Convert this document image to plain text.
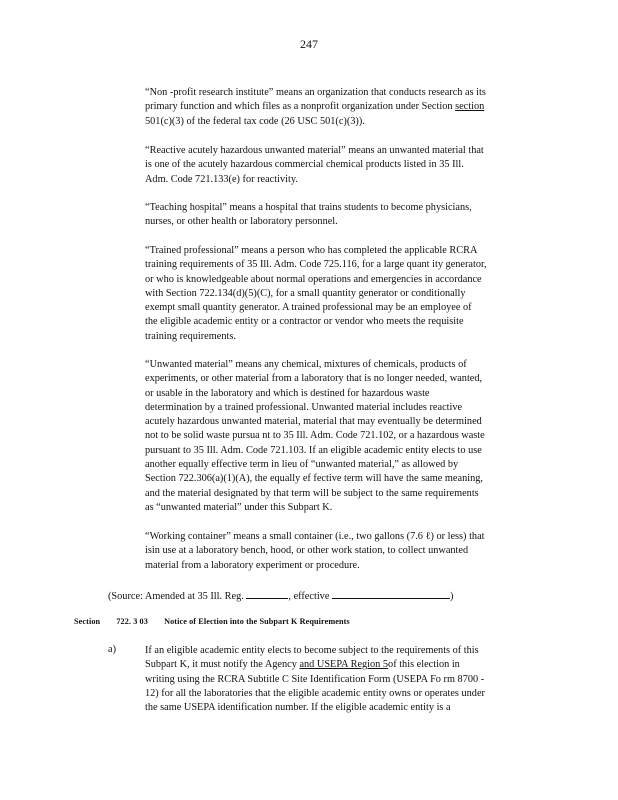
247
“Non -profit research institute” means an organization that conducts research as its
primary function and which files as a nonprofit organization under Section section
501(c)(3) of the federal tax code (26 USC 501(c)(3)).
“Reactive acutely hazardous unwanted material” means an unwanted material that
is one of the acutely hazardous commercial chemical products listed in 35 Ill.
Adm. Code 721.133(e) for reactivity.
“Teaching hospital” means a hospital that trains students to become physicians,
nurses, or other health or laboratory personnel.
“Trained professional” means a person who has completed the applicable RCRA
training requirements of 35 Ill. Adm. Code 725.116, for a large quant ity generator,
or who is knowledgeable about normal operations and emergencies in accordance
with Section 722.134(d)(5)(C), for a small quantity generator or conditionally
exempt small quantity generator. A trained professional may be an employee of
the eligible academic entity or a contractor or vendor who meets the requisite
training requirements.
“Unwanted material” means any chemical, mixtures of chemicals, products of
experiments, or other material from a laboratory that is no longer needed, wanted,
or usable in the laboratory and which is destined for hazardous waste
determination by a trained professional. Unwanted material includes reactive
acutely hazardous unwanted material, material that may eventually be determined
not to be solid waste pursua nt to 35 Ill. Adm. Code 721.102, or a hazardous waste
pursuant to 35 Ill. Adm. Code 721.103. If an eligible academic entity elects to use
another equally effective term in lieu of “unwanted material,” as allowed by
Section 722.306(a)(1)(A), the equally ef fective term will have the same meaning,
and the material designated by that term will be subject to the same requirements
as “unwanted material” under this Subpart K.
“Working container” means a small container (i.e., two gallons (7.6 ℓ) or less) that
isin use at a laboratory bench, hood, or other work station, to collect unwanted
material from a laboratory experiment or procedure.
(Source: Amended at 35 Ill. Reg.	, effective	)
Section 722. 3 03 Notice of Election into the Subpart K Requirements
a)	If an eligible academic entity elects to become subject to the requirements of this
Subpart K, it must notify the Agency and USEPA Region 5of this election in
writing using the RCRA Subtitle C Site Identification Form (USEPA Fo rm 8700 -
12) for all the laboratories that the eligible academic entity owns or operates under
the same USEPA identification number. If the eligible academic entity is a
